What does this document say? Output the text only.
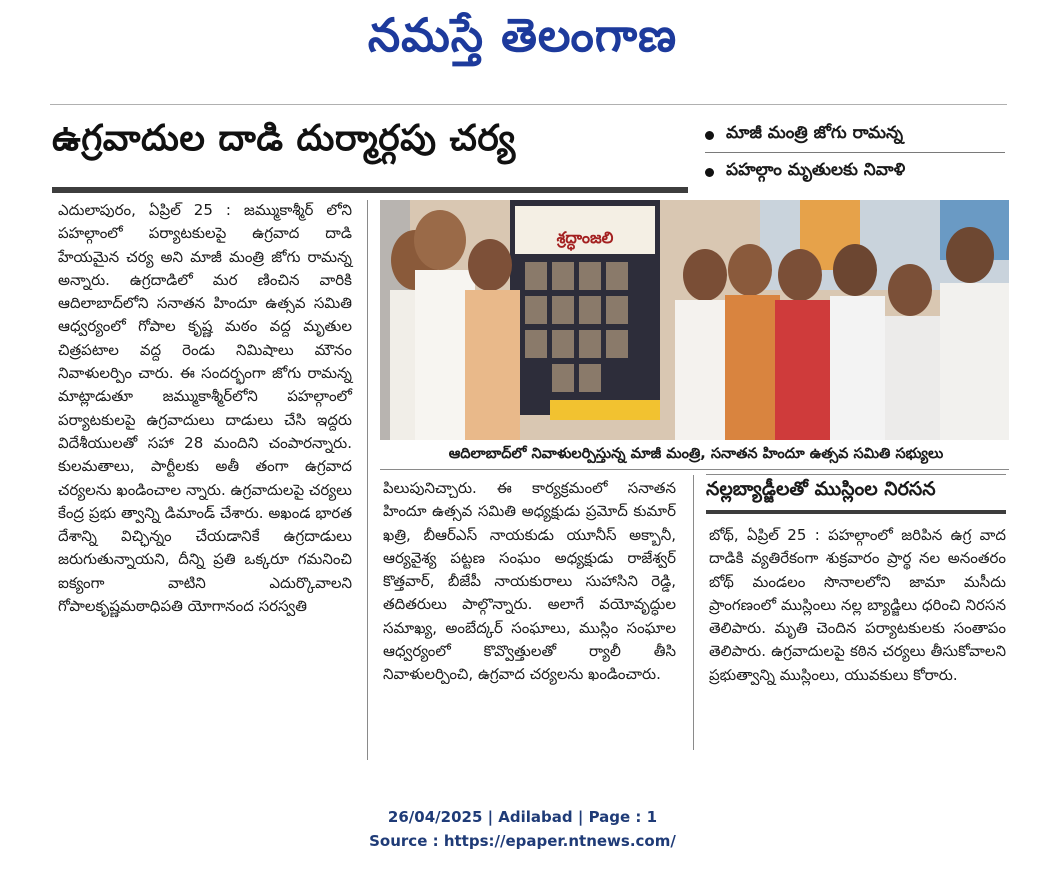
నమస్తే తెలంగాణ
ఉగ్రవాదుల దాడి దుర్మార్గపు చర్య	మాజీ మంత్రి జోగు రామన్న
పహల్గాం మృతులకు నివాళి

ఎదులాపురం, ఏప్రిల్ 25 : జమ్ముకాశ్మీర్ లోని పహల్గాంలో పర్యాటకులపై ఉగ్రవాద దాడి హేయమైన చర్య అని మాజీ మంత్రి జోగు రామన్న అన్నారు. ఉగ్రదాడిలో మర ణించిన వారికి ఆదిలాబాద్‌లోని సనాతన హిందూ ఉత్సవ సమితి ఆధ్వర్యంలో గోపాల కృష్ణ మఠం వద్ద మృతుల చిత్రపటాల వద్ద రెండు నిమిషాలు మౌనం నివాళులర్పిం చారు. ఈ సందర్భంగా జోగు రామన్న మాట్లాడుతూ జమ్ముకాశ్మీర్‌లోని పహల్గాంలో పర్యాటకులపై ఉగ్రవాదులు దాడులు చేసి ఇద్దరు విదేశీయులతో సహా 28 మందిని చంపారన్నారు. కులమతాలు, పార్టీలకు అతీ తంగా ఉగ్రవాద చర్యలను ఖండించాల న్నారు. ఉగ్రవాదులపై చర్యలు కేంద్ర ప్రభు త్వాన్ని డిమాండ్ చేశారు. అఖండ భారత దేశాన్ని విచ్ఛిన్నం చేయడానికే ఉగ్రదాడులు జరుగుతున్నాయని, దీన్ని ప్రతి ఒక్కరూ గమనించి ఐక్యంగా వాటిని ఎదుర్కొవాలని గోపాలకృష్ణమఠాధిపతి యోగానంద సరస్వతి

శ్రద్ధాంజలి
ఆదిలాబాద్‌లో నివాళులర్పిస్తున్న మాజీ మంత్రి, సనాతన హిందూ ఉత్సవ సమితి సభ్యులు

పిలుపునిచ్చారు. ఈ కార్యక్రమంలో సనాతన హిందూ ఉత్సవ సమితి అధ్యక్షుడు ప్రమోద్ కుమార్ ఖత్రి, బీఆర్‌ఎస్ నాయకుడు యూనీస్ అక్బానీ, ఆర్యవైశ్య పట్టణ సంఘం అధ్యక్షుడు రాజేశ్వర్ కొత్తవార్, బీజేపీ నాయకురాలు సుహాసిని రెడ్డి, తదితరులు పాల్గొన్నారు. అలాగే వయోవృద్ధుల సమాఖ్య, అంబేద్కర్ సంఘాలు, ముస్లిం సంఘాల ఆధ్వర్యంలో కొవ్వొత్తులతో ర్యాలీ తీసి నివాళులర్పించి, ఉగ్రవాద చర్యలను ఖండించారు.

నల్లబ్యాడ్జీలతో ముస్లింల నిరసన

బోథ్, ఏప్రిల్ 25 : పహల్గాంలో జరిపిన ఉగ్ర వాద దాడికి వ్యతిరేకంగా శుక్రవారం ప్రార్థ నల అనంతరం బోథ్ మండలం సొనాలలోని జామా మసీదు ప్రాంగణంలో ముస్లింలు నల్ల బ్యాడ్జిలు ధరించి నిరసన తెలిపారు. మృతి చెందిన పర్యాటకులకు సంతాపం తెలిపారు. ఉగ్రవాదులపై కఠిన చర్యలు తీసుకోవాలని ప్రభుత్వాన్ని ముస్లింలు, యువకులు కోరారు.

26/04/2025 | Adilabad | Page : 1
Source : https://epaper.ntnews.com/
